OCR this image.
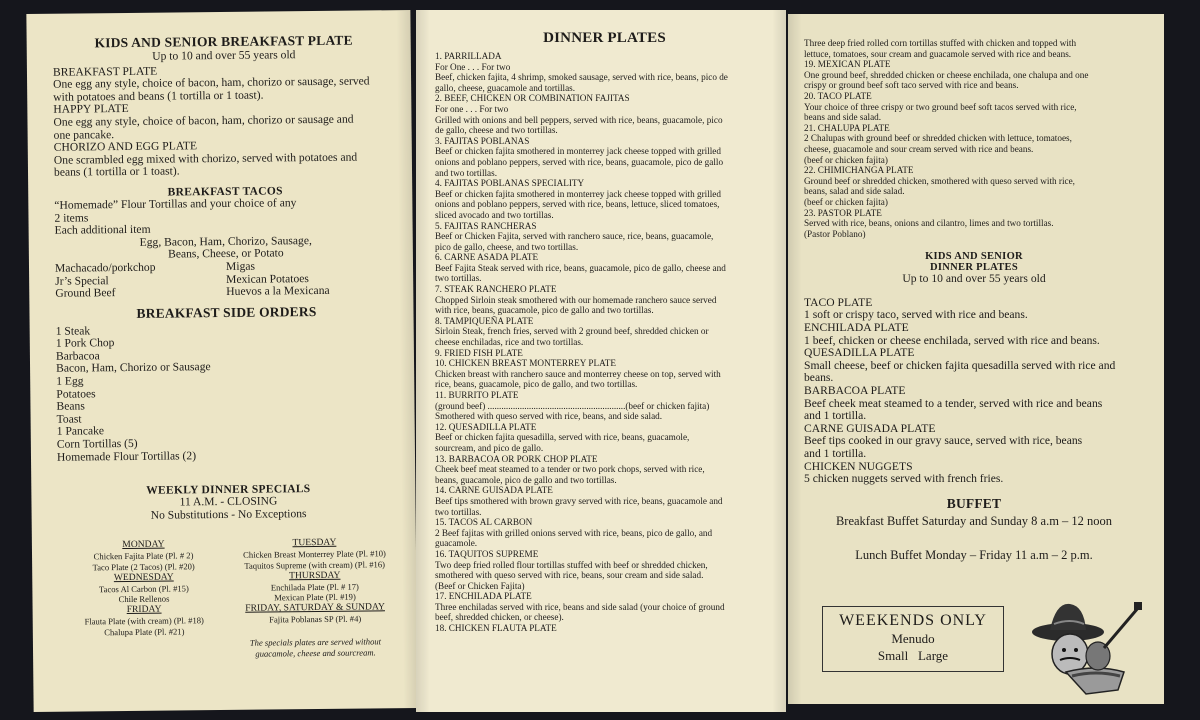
KIDS AND SENIOR BREAKFAST PLATE
Up to 10 and over 55 years old
BREAKFAST PLATE
One egg any style, choice of bacon, ham, chorizo or sausage, served
with potatoes and beans (1 tortilla or 1 toast).
HAPPY PLATE
One egg any style, choice of bacon, ham, chorizo or sausage and
one pancake.
CHORIZO AND EGG PLATE
One scrambled egg mixed with chorizo, served with potatoes and
beans (1 tortilla or 1 toast).
BREAKFAST TACOS
“Homemade” Flour Tortillas and your choice of any
2 items
Each additional item
Egg, Bacon, Ham, Chorizo, Sausage,
Beans, Cheese, or Potato
Machacado/porkchop
Jr’s Special
Ground Beef
Migas
Mexican Potatoes
Huevos a la Mexicana
BREAKFAST SIDE ORDERS
1 Steak
1 Pork Chop
Barbacoa
Bacon, Ham, Chorizo or Sausage
1 Egg
Potatoes
Beans
Toast
1 Pancake
Corn Tortillas (5)
Homemade Flour Tortillas (2)
WEEKLY DINNER SPECIALS
11 A.M. - CLOSING
No Substitutions - No Exceptions
MONDAY
Chicken Fajita Plate (Pl. # 2)
Taco Plate (2 Tacos) (Pl. #20)
WEDNESDAY
Tacos Al Carbon (Pl. #15)
Chile Rellenos
FRIDAY
Flauta Plate (with cream) (Pl. #18)
Chalupa Plate (Pl. #21)
TUESDAY
Chicken Breast Monterrey Plate (Pl. #10)
Taquitos Supreme (with cream) (Pl. #16)
THURSDAY
Enchilada Plate (Pl. # 17)
Mexican Plate (Pl. #19)
FRIDAY, SATURDAY & SUNDAY
Fajita Poblanas SP (Pl. #4)
The specials plates are served without
guacamole, cheese and sourcream.
DINNER PLATES
1. PARRILLADA
For One . . . For two
Beef, chicken fajita, 4 shrimp, smoked sausage, served with rice, beans, pico de
gallo, cheese, guacamole and tortillas.
2. BEEF, CHICKEN OR COMBINATION FAJITAS
For one . . . For two
Grilled with onions and bell peppers, served with rice, beans, guacamole, pico
de gallo, cheese and two tortillas.
3. FAJITAS POBLANAS
Beef or chicken fajita smothered in monterrey jack cheese topped with grilled
onions and poblano peppers, served with rice, beans, guacamole, pico de gallo
and two tortillas.
4. FAJITAS POBLANAS SPECIALITY
Beef or chicken fajita smothered in monterrey jack cheese topped with grilled
onions and poblano peppers, served with rice, beans, lettuce, sliced tomatoes,
sliced avocado and two tortillas.
5. FAJITAS RANCHERAS
Beef or Chicken Fajita, served with ranchero sauce, rice, beans, guacamole,
pico de gallo, cheese, and two tortillas.
6. CARNE ASADA PLATE
Beef Fajita Steak served with rice, beans, guacamole, pico de gallo, cheese and
two tortillas.
7. STEAK RANCHERO PLATE
Chopped Sirloin steak smothered with our homemade ranchero sauce served
with rice, beans, guacamole, pico de gallo and two tortillas.
8. TAMPIQUEÑA PLATE
Sirloin Steak, french fries, served with 2 ground beef, shredded chicken or
cheese enchiladas, rice and two tortillas.
9. FRIED FISH PLATE
10. CHICKEN BREAST MONTERREY PLATE
Chicken breast with ranchero sauce and monterrey cheese on top, served with
rice, beans, guacamole, pico de gallo, and two tortillas.
11. BURRITO PLATE
(ground beef) ............................................................(beef or chicken fajita)
Smothered with queso served with rice, beans, and side salad.
12. QUESADILLA PLATE
Beef or chicken fajita quesadilla, served with rice, beans, guacamole,
sourcream, and pico de gallo.
13. BARBACOA OR PORK CHOP PLATE
Cheek beef meat steamed to a tender or two pork chops, served with rice,
beans, guacamole, pico de gallo and two tortillas.
14. CARNE GUISADA PLATE
Beef tips smothered with brown gravy served with rice, beans, guacamole and
two tortillas.
15. TACOS AL CARBON
2 Beef fajitas with grilled onions served with rice, beans, pico de gallo, and
guacamole.
16. TAQUITOS SUPREME
Two deep fried rolled flour tortillas stuffed with beef or shredded chicken,
smothered with queso served with rice, beans, sour cream and side salad.
(Beef or Chicken Fajita)
17. ENCHILADA PLATE
Three enchiladas served with rice, beans and side salad (your choice of ground
beef, shredded chicken, or cheese).
18. CHICKEN FLAUTA PLATE
Three deep fried rolled corn tortillas stuffed with chicken and topped with
lettuce, tomatoes, sour cream and guacamole served with rice and beans.
19. MEXICAN PLATE
One ground beef, shredded chicken or cheese enchilada, one chalupa and one
crispy or ground beef soft taco served with rice and beans.
20. TACO PLATE
Your choice of three crispy or two ground beef soft tacos served with rice,
beans and side salad.
21. CHALUPA PLATE
2 Chalupas with ground beef or shredded chicken with lettuce, tomatoes,
cheese, guacamole and sour cream served with rice and beans.
(beef or chicken fajita)
22. CHIMICHANGA PLATE
Ground beef or shredded chicken, smothered with queso served with rice,
beans, salad and side salad.
(beef or chicken fajita)
23. PASTOR PLATE
Served with rice, beans, onions and cilantro, limes and two tortillas.
(Pastor Poblano)
KIDS AND SENIOR
DINNER PLATES
Up to 10 and over 55 years old
TACO PLATE
1 soft or crispy taco, served with rice and beans.
ENCHILADA PLATE
1 beef, chicken or cheese enchilada, served with rice and beans.
QUESADILLA PLATE
Small cheese, beef or chicken fajita quesadilla served with rice and
beans.
BARBACOA PLATE
Beef cheek meat steamed to a tender, served with rice and beans
and 1 tortilla.
CARNE GUISADA PLATE
Beef tips cooked in our gravy sauce, served with rice, beans
and 1 tortilla.
CHICKEN NUGGETS
5 chicken nuggets served with french fries.
BUFFET
Breakfast Buffet Saturday and Sunday 8 a.m – 12 noon
Lunch Buffet Monday – Friday 11 a.m – 2 p.m.
WEEKENDS ONLY
Menudo
Small   Large
